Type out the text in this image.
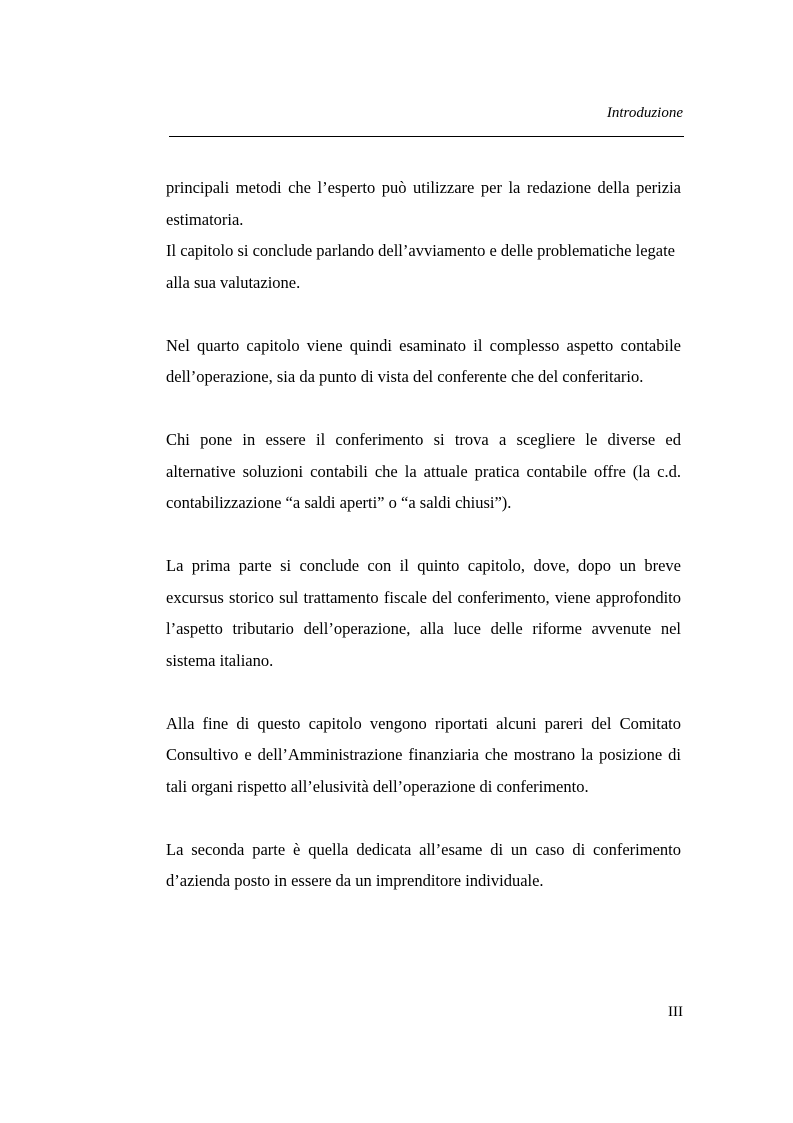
Introduzione

principali metodi che l’esperto può utilizzare per la redazione della perizia estimatoria.

Il capitolo si conclude parlando dell’avviamento e delle problematiche legate alla sua valutazione.

Nel quarto capitolo viene quindi esaminato il complesso aspetto contabile dell’operazione, sia da punto di vista del conferente che del conferitario.

Chi pone in essere il conferimento si trova a scegliere le diverse ed alternative soluzioni contabili che la attuale pratica contabile offre (la c.d. contabilizzazione “a saldi aperti” o “a saldi chiusi”).

La prima parte si conclude con il quinto capitolo, dove, dopo un breve excursus storico sul trattamento fiscale del conferimento, viene approfondito l’aspetto tributario dell’operazione, alla luce delle riforme avvenute nel sistema italiano.

Alla fine di questo capitolo vengono riportati alcuni pareri del Comitato Consultivo e dell’Amministrazione finanziaria che mostrano la posizione di tali organi rispetto all’elusività dell’operazione di conferimento.

La seconda parte è quella dedicata all’esame di un caso di conferimento d’azienda posto in essere da un imprenditore individuale.

III
